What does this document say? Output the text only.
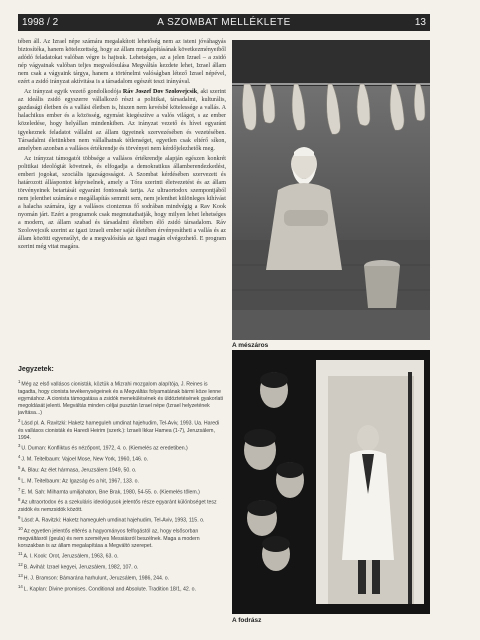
1998 / 2	A SZOMBAT MELLÉKLETE	13

tében áll. Az Izrael népe számára megalakított lehetőség nem az isteni jóváhagyás biztosítéka, hanem kötelezettség, hogy az állam megalapításának következményeiből adódó feladatokat valóban végre is hajtsuk. Lehetséges, az a jelen Izrael – a zsidó nép vágyainak valóban teljes megvalósulása Megváltás kezdete lehet, Izrael állam nem csak a vágyaink tárgya, hanem a történelmi valóságban létező Izrael népével, ezért a zsidó irányzat aktívitása is a társadalom egészét teszi irányával.

Az irányzat egyik vezető gondolkodója Ráv Joszef Dov Szolovejcsik, aki szerint az ideális zsidó egyszerre vállalkozó részt a politikai, társadalmi, kulturális, gazdasági életben és a vallási életben is, hiszen nem kevésbé kötelessége a vallás. A halachikus ember és a közösség, egymást kiegészítve a valós világot, s az ember közeledése, hogy helyállan mindenkiben. Az irányzat vezető és hívei egyaránt igyekeznek feladatot vállalni az állam ügyeinek szervezésében és vezetésében. Társadalmi életünkben nem vállalhatnak tétlenséget, egyetlen csak eltérő síkon, amelyben azonban a vallásos értékrendje és törvényei nem kérdőjelezhetők meg.

Az irányzat támogatói többsége a vallásos értékrendje alapján egészen konkrét politikai ideológiát követnek, és elfogadja a demokratikus államberendezkedést, emberi jogokat, szociális igazságosságot. A Szombat kérdésében szervezett és határozott álláspontot képviselnek, amely a Tóra szerinti életvezetést és az állam törvényeinek betartását egyaránt fontosnak tartja. Az ultraortodox szempontjából nem jelenthet számára e megállapítás semmit sem, nem jelenthet különleges kihívást a halacha számára, így a vallásos cionizmus fő sodrában mindvégig a Rav Kook nyomán járt. Ezért a programok csak megmutathatják, hogy milyen lehet lehetséges a modern, az állam szabad és társadalmi életében élő zsidó társadalom. Ráv Szolovejcsik szerint az igazi izraeli ember saját életében érvényesítheti a vallás és az állam közötti egyensúlyt, de a megvalósítás az igazi magán elvégezhető. E program szerint még vitat magára.

Jegyzetek:
$^1$Még az első vallásos cionisták, köztük a Mizrahi mozgalom alapítója, J. Reines is tagadta, hogy cionista tevékenységeinek és a Megváltás folyamatának bármi köze lenne egymáshoz. A cionista támogatása a zsidók menekülésének és üldöztetésének gyakorlati megoldását jelenti. Megváltás minden céljai pusztán Izrael népe (Izrael helyzetének javítása...)
$^2$Lásd pl. A. Ravitzki: Haketz hameguleh umdinat hajehudim, Tel-Aviv, 1993. Ua. Haredi és vallásos cionisták és Haredi Heirim (szerk.): Izraeli Ikkar Hamea (1-7), Jeruzsálem, 1994.
$^3$U. Duman: Konfliktus és nézőpont, 1972, 4. o. (Kiemelés az eredetiben.)
$^4$J. M. Teitelbaum: Vajoel Mose, New York, 1960, 146. o.
$^5$A. Blau: Az élet hármasa, Jeruzsálem 1949, 50. o.
$^6$L. M. Teitelbaum: Az Igazság és a hit, 1967, 133. o.
$^7$E. M. Sah: Milhamta umiljahaton, Bne Brak, 1980, 54-55. o. (Kiemelés tőlem.)
$^8$Az ultraortodox és a szekuláris ideológusok jelentős része egyaránt különbséget tesz zsidók és nemzsidók között.
$^9$Lásd: A. Ravitzki: Haketz hameguleh umdinat hajehudim, Tel-Aviv, 1993, 115. o.
$^{10}$Az egyetlen jelentős eltérés a hagyományos felfogástól az, hogy elsősorban megváltásról (geula) és nem személyes Messiásról beszélnek. Maga a modern korszakban is az állam megalapítása a Megváltó szerepet.
$^{11}$A. I. Kook: Orot, Jeruzsálem, 1963, 63. o.
$^{12}$B. Avihál: Izrael kegyei, Jeruzsálem, 1982, 107. o.
$^{13}$H. J. Bramson: Bámarána harhulunt, Jeruzsálem, 1986, 244. o.
$^{14}$L. Kaplan: Divine promises. Conditional and Absolute. Tradition 18/1, 42. o.
A mészáros
A fodrász
